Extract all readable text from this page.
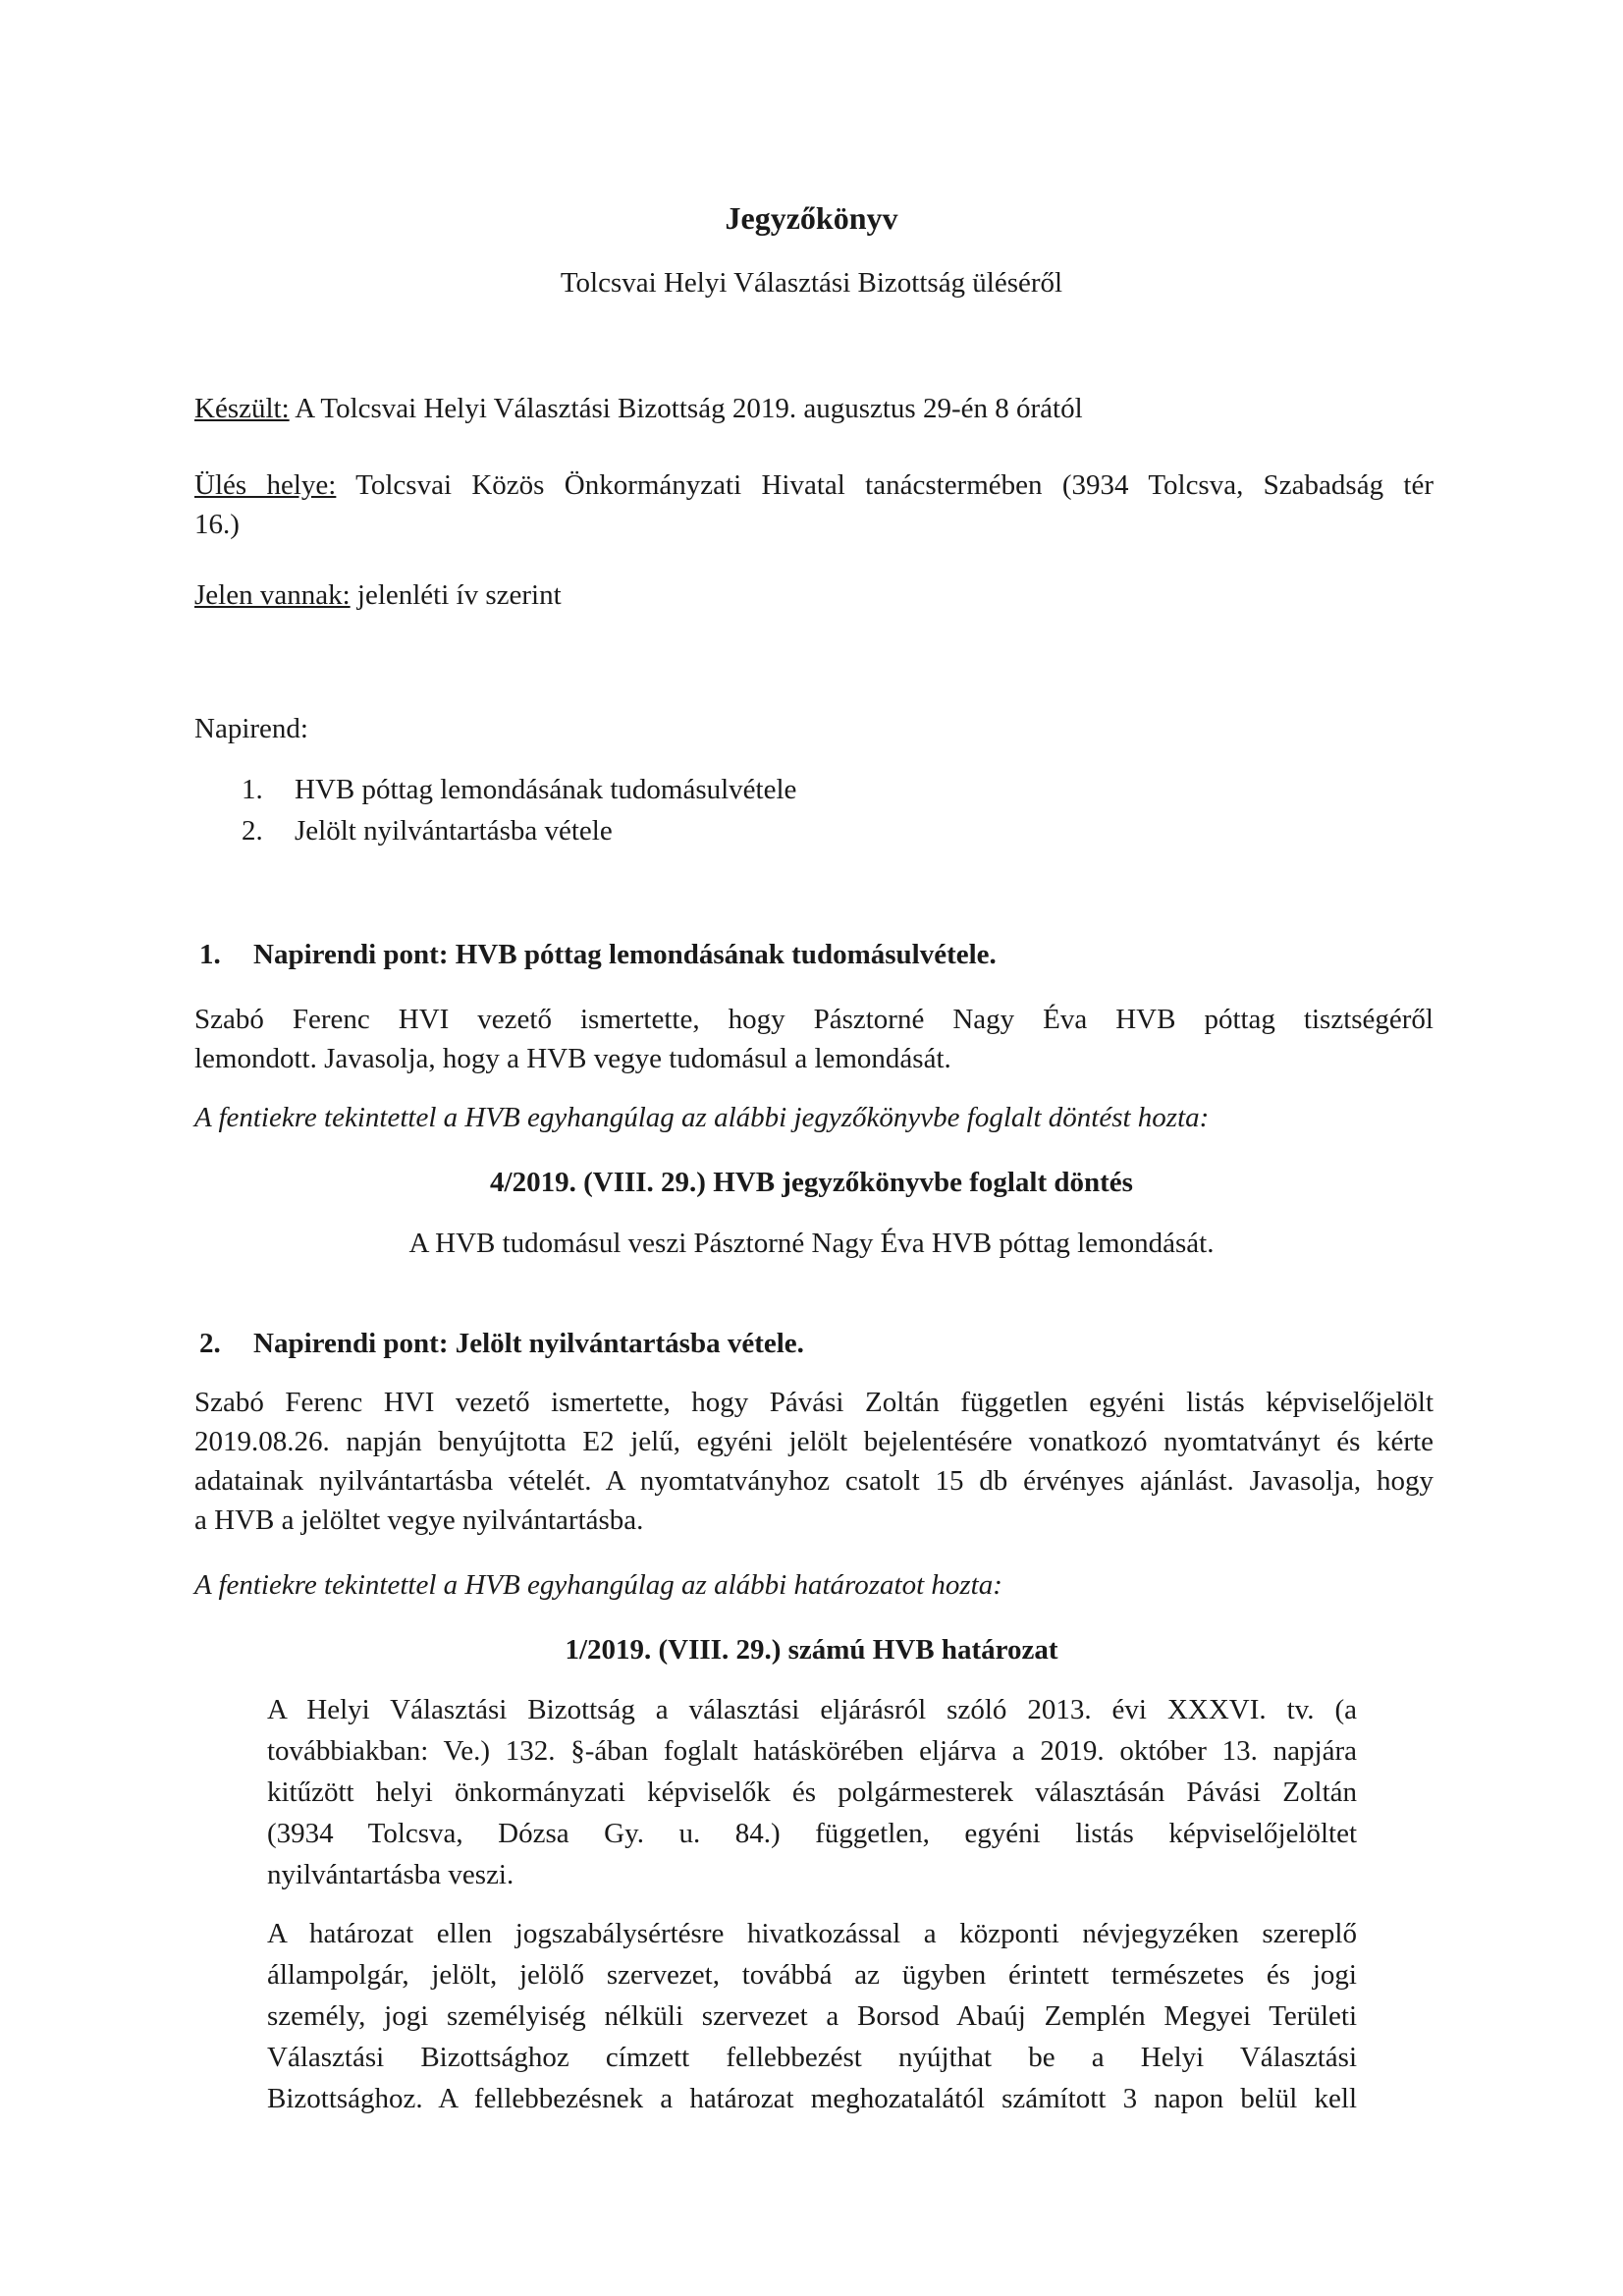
Jegyzőkönyv
Tolcsvai Helyi Választási Bizottság üléséről
Készült: A Tolcsvai Helyi Választási Bizottság 2019. augusztus 29-én 8 órától
Ülés helye: Tolcsvai Közös Önkormányzati Hivatal tanácstermében (3934 Tolcsva, Szabadság tér
16.)
Jelen vannak: jelenléti ív szerint
Napirend:
1. HVB póttag lemondásának tudomásulvétele
2. Jelölt nyilvántartásba vétele
1. Napirendi pont: HVB póttag lemondásának tudomásulvétele.
Szabó Ferenc HVI vezető ismertette, hogy Pásztorné Nagy Éva HVB póttag tisztségéről
lemondott. Javasolja, hogy a HVB vegye tudomásul a lemondását.
A fentiekre tekintettel a HVB egyhangúlag az alábbi jegyzőkönyvbe foglalt döntést hozta:
4/2019. (VIII. 29.) HVB jegyzőkönyvbe foglalt döntés
A HVB tudomásul veszi Pásztorné Nagy Éva HVB póttag lemondását.
2. Napirendi pont: Jelölt nyilvántartásba vétele.
Szabó Ferenc HVI vezető ismertette, hogy Pávási Zoltán független egyéni listás képviselőjelölt
2019.08.26. napján benyújtotta E2 jelű, egyéni jelölt bejelentésére vonatkozó nyomtatványt és kérte
adatainak nyilvántartásba vételét. A nyomtatványhoz csatolt 15 db érvényes ajánlást. Javasolja, hogy
a HVB a jelöltet vegye nyilvántartásba.
A fentiekre tekintettel a HVB egyhangúlag az alábbi határozatot hozta:
1/2019. (VIII. 29.) számú HVB határozat
A Helyi Választási Bizottság a választási eljárásról szóló 2013. évi XXXVI. tv. (a
továbbiakban: Ve.) 132. §-ában foglalt hatáskörében eljárva a 2019. október 13. napjára
kitűzött helyi önkormányzati képviselők és polgármesterek választásán Pávási Zoltán
(3934 Tolcsva, Dózsa Gy. u. 84.) független, egyéni listás képviselőjelöltet
nyilvántartásba veszi.
A határozat ellen jogszabálysértésre hivatkozással a központi névjegyzéken szereplő
állampolgár, jelölt, jelölő szervezet, továbbá az ügyben érintett természetes és jogi
személy, jogi személyiség nélküli szervezet a Borsod Abaúj Zemplén Megyei Területi
Választási Bizottsághoz címzett fellebbezést nyújthat be a Helyi Választási
Bizottsághoz. A fellebbezésnek a határozat meghozatalától számított 3 napon belül kell
